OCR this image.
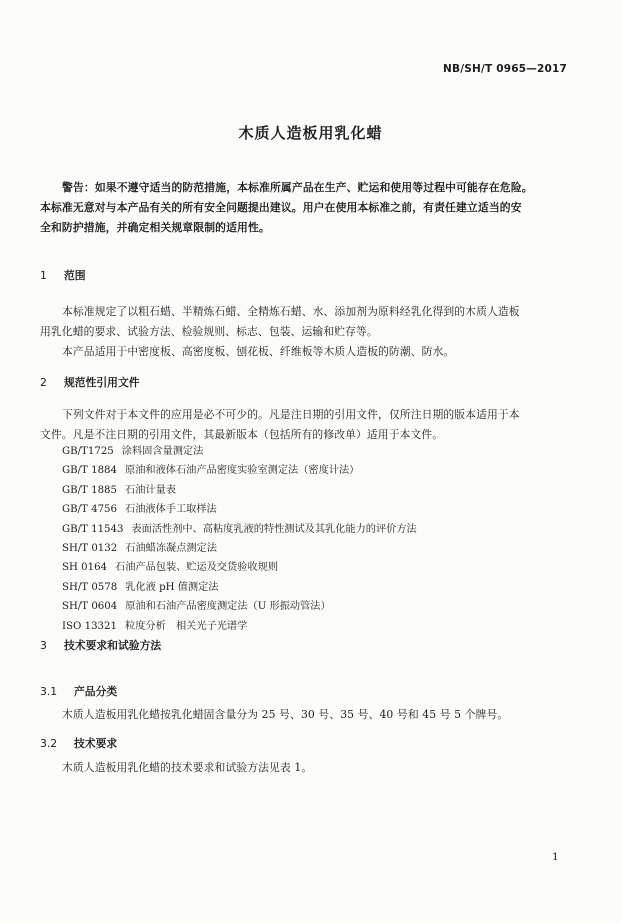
NB/SH/T 0965—2017
木质人造板用乳化蜡
警告：如果不遵守适当的防范措施，本标准所属产品在生产、贮运和使用等过程中可能存在危险。
本标准无意对与本产品有关的所有安全问题提出建议。用户在使用本标准之前，有责任建立适当的安
全和防护措施，并确定相关规章限制的适用性。
1 范围
本标准规定了以粗石蜡、半精炼石蜡、全精炼石蜡、水、添加剂为原料经乳化得到的木质人造板
用乳化蜡的要求、试验方法、检验规则、标志、包装、运输和贮存等。
本产品适用于中密度板、高密度板、刨花板、纤维板等木质人造板的防潮、防水。
2 规范性引用文件
下列文件对于本文件的应用是必不可少的。凡是注日期的引用文件，仅所注日期的版本适用于本
文件。凡是不注日期的引用文件，其最新版本（包括所有的修改单）适用于本文件。
GB/T1725 涂料固含量测定法
GB/T 1884 原油和液体石油产品密度实验室测定法（密度计法）
GB/T 1885 石油计量表
GB/T 4756 石油液体手工取样法
GB/T 11543 表面活性剂中、高粘度乳液的特性测试及其乳化能力的评价方法
SH/T 0132 石油蜡冻凝点测定法
SH 0164 石油产品包装、贮运及交货验收规则
SH/T 0578 乳化液 pH 值测定法
SH/T 0604 原油和石油产品密度测定法（U 形振动管法）
ISO 13321 粒度分析　相关光子光谱学
3 技术要求和试验方法
3.1 产品分类
木质人造板用乳化蜡按乳化蜡固含量分为 25 号、30 号、35 号、40 号和 45 号 5 个牌号。
3.2 技术要求
木质人造板用乳化蜡的技术要求和试验方法见表 1。
1
